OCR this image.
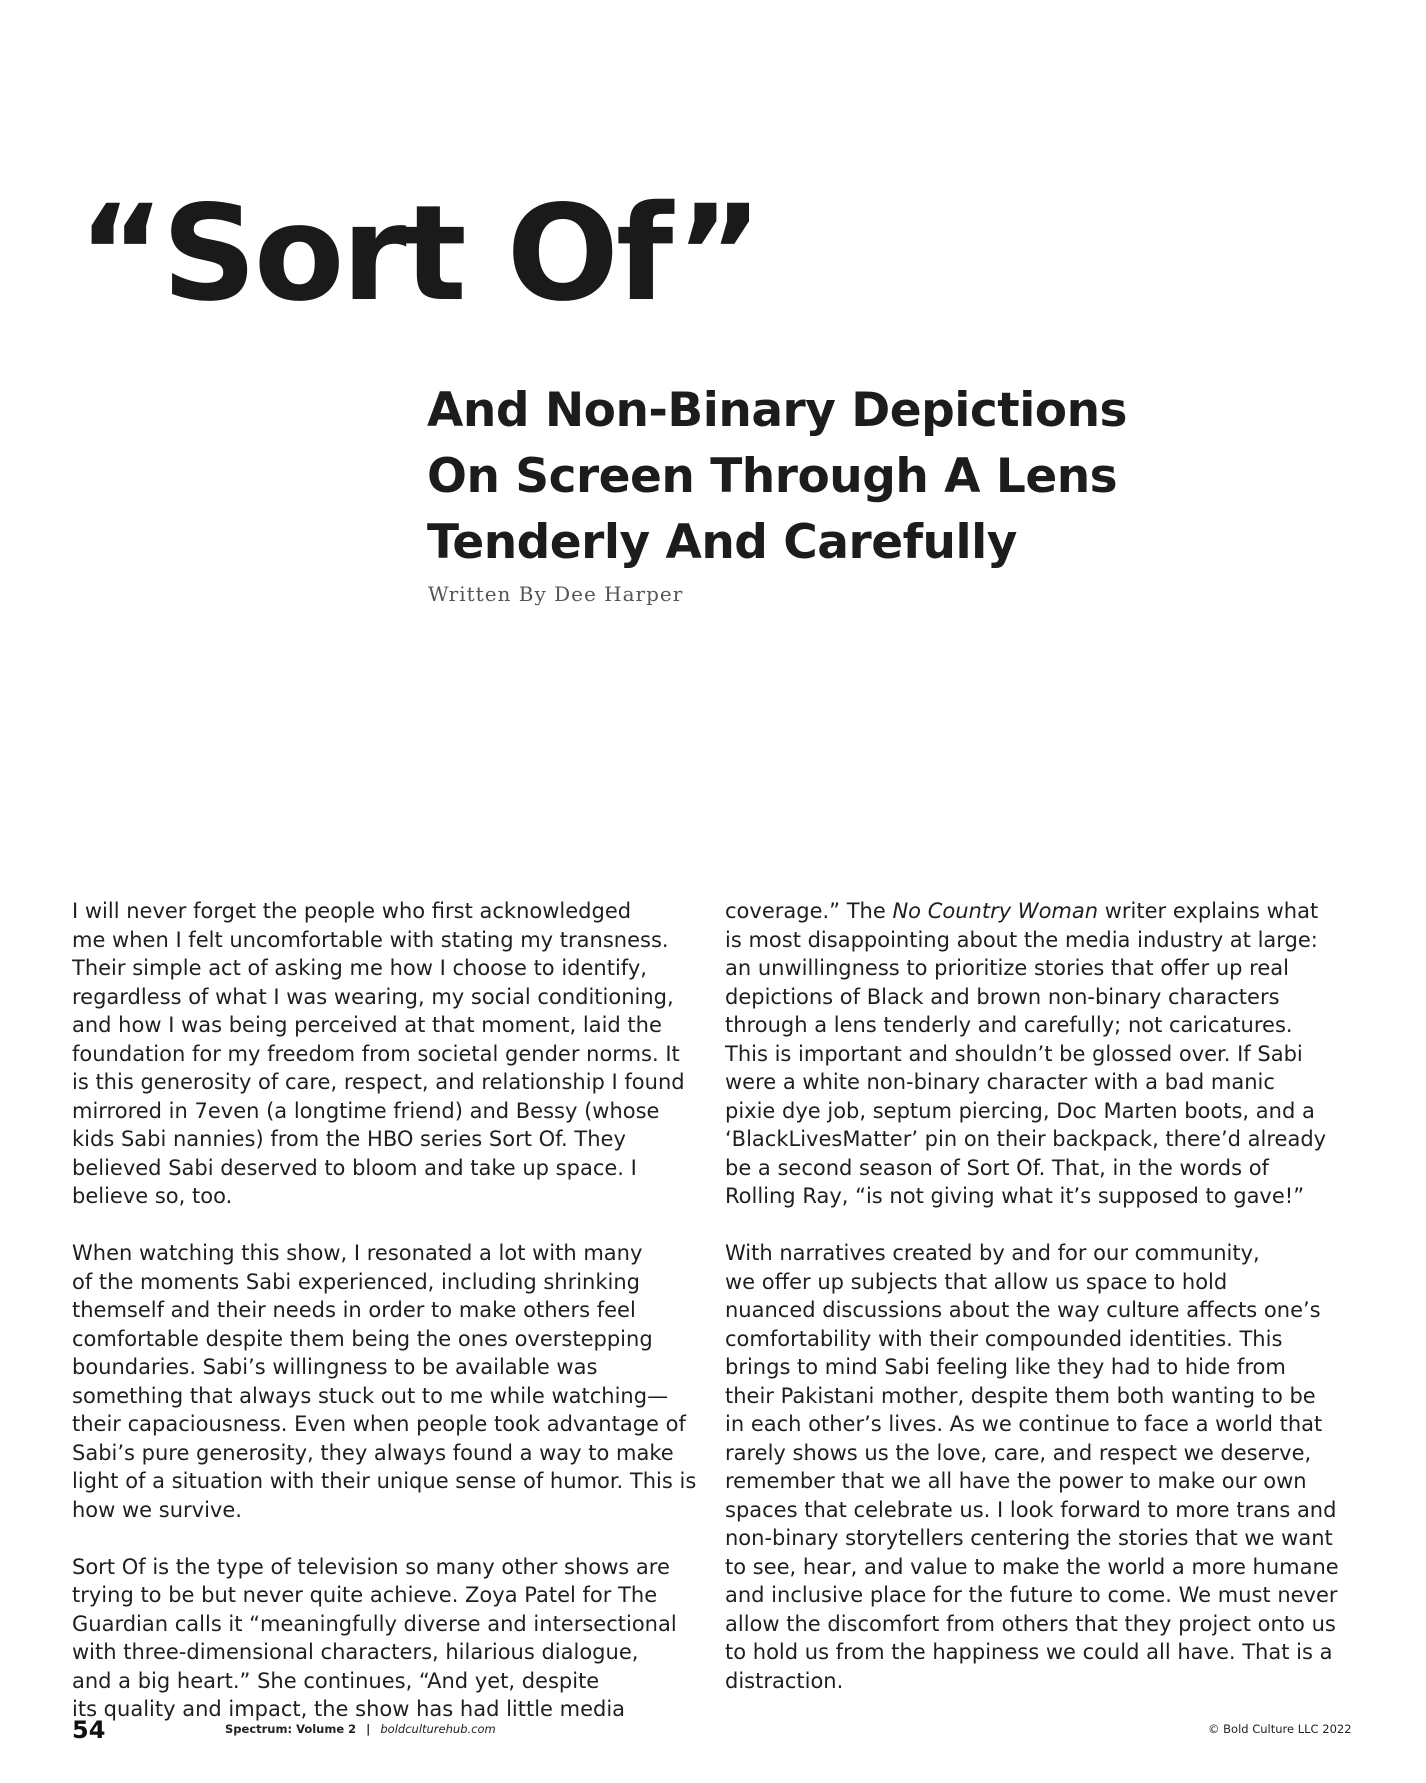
“Sort Of”
And Non-Binary Depictions
On Screen Through A Lens
Tenderly And Carefully
Written By Dee Harper

I will never forget the people who first acknowledged
me when I felt uncomfortable with stating my transness.
Their simple act of asking me how I choose to identify,
regardless of what I was wearing, my social conditioning,
and how I was being perceived at that moment, laid the
foundation for my freedom from societal gender norms. It
is this generosity of care, respect, and relationship I found
mirrored in 7even (a longtime friend) and Bessy (whose
kids Sabi nannies) from the HBO series Sort Of. They
believed Sabi deserved to bloom and take up space. I
believe so, too.

When watching this show, I resonated a lot with many
of the moments Sabi experienced, including shrinking
themself and their needs in order to make others feel
comfortable despite them being the ones overstepping
boundaries. Sabi’s willingness to be available was
something that always stuck out to me while watching—
their capaciousness. Even when people took advantage of
Sabi’s pure generosity, they always found a way to make
light of a situation with their unique sense of humor. This is
how we survive.

Sort Of is the type of television so many other shows are
trying to be but never quite achieve. Zoya Patel for The
Guardian calls it “meaningfully diverse and intersectional
with three-dimensional characters, hilarious dialogue,
and a big heart.” She continues, “And yet, despite
its quality and impact, the show has had little media

coverage.” The No Country Woman writer explains what
is most disappointing about the media industry at large:
an unwillingness to prioritize stories that offer up real
depictions of Black and brown non-binary characters
through a lens tenderly and carefully; not caricatures.
This is important and shouldn’t be glossed over. If Sabi
were a white non-binary character with a bad manic
pixie dye job, septum piercing, Doc Marten boots, and a
‘BlackLivesMatter’ pin on their backpack, there’d already
be a second season of Sort Of. That, in the words of
Rolling Ray, “is not giving what it’s supposed to gave!”

With narratives created by and for our community,
we offer up subjects that allow us space to hold
nuanced discussions about the way culture affects one’s
comfortability with their compounded identities. This
brings to mind Sabi feeling like they had to hide from
their Pakistani mother, despite them both wanting to be
in each other’s lives. As we continue to face a world that
rarely shows us the love, care, and respect we deserve,
remember that we all have the power to make our own
spaces that celebrate us. I look forward to more trans and
non-binary storytellers centering the stories that we want
to see, hear, and value to make the world a more humane
and inclusive place for the future to come. We must never
allow the discomfort from others that they project onto us
to hold us from the happiness we could all have. That is a
distraction.

54	Spectrum: Volume 2 | boldculturehub.com	© Bold Culture LLC 2022
